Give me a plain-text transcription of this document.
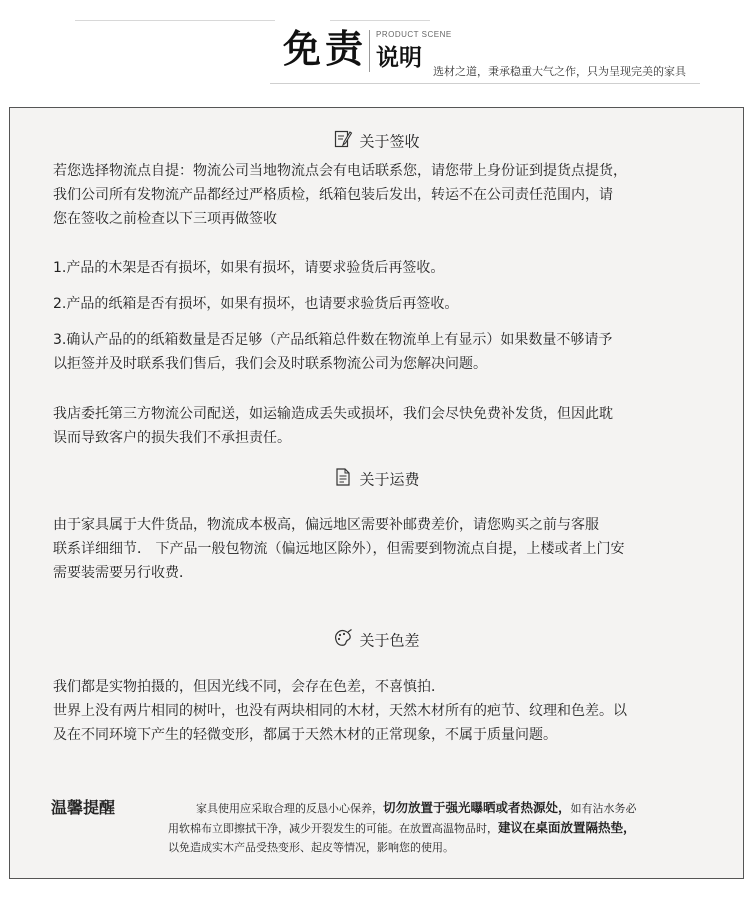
免 责 说明
PRODUCT SCENE
选材之道，秉承稳重大气之作，只为呈现完美的家具
关于签收
若您选择物流点自提：物流公司当地物流点会有电话联系您，请您带上身份证到提货点提货，
我们公司所有发物流产品都经过严格质检，纸箱包装后发出，转运不在公司责任范围内，请
您在签收之前检查以下三项再做签收
1.产品的木架是否有损坏，如果有损坏，请要求验货后再签收。
2.产品的纸箱是否有损坏，如果有损坏，也请要求验货后再签收。
3.确认产品的的纸箱数量是否足够（产品纸箱总件数在物流单上有显示）如果数量不够请予
以拒签并及时联系我们售后，我们会及时联系物流公司为您解决问题。
我店委托第三方物流公司配送，如运输造成丢失或损坏，我们会尽快免费补发货，但因此耽
误而导致客户的损失我们不承担责任。
关于运费
由于家具属于大件货品，物流成本极高，偏远地区需要补邮费差价，请您购买之前与客服
联系详细细节． 下产品一般包物流（偏远地区除外），但需要到物流点自提，上楼或者上门安
需要装需要另行收费．
关于色差
我们都是实物拍摄的，但因光线不同，会存在色差，不喜慎拍．
世界上没有两片相同的树叶，也没有两块相同的木材，天然木材所有的疤节、纹理和色差。以
及在不同环境下产生的轻微变形，都属于天然木材的正常现象，不属于质量问题。
温馨提醒	家具使用应采取合理的反恳小心保养，切勿放置于强光曝晒或者热源处，如有沾水务必
用软棉布立即擦拭干净，减少开裂发生的可能。在放置高温物品时，建议在桌面放置隔热垫，
以免造成实木产品受热变形、起皮等情况，影响您的使用。
